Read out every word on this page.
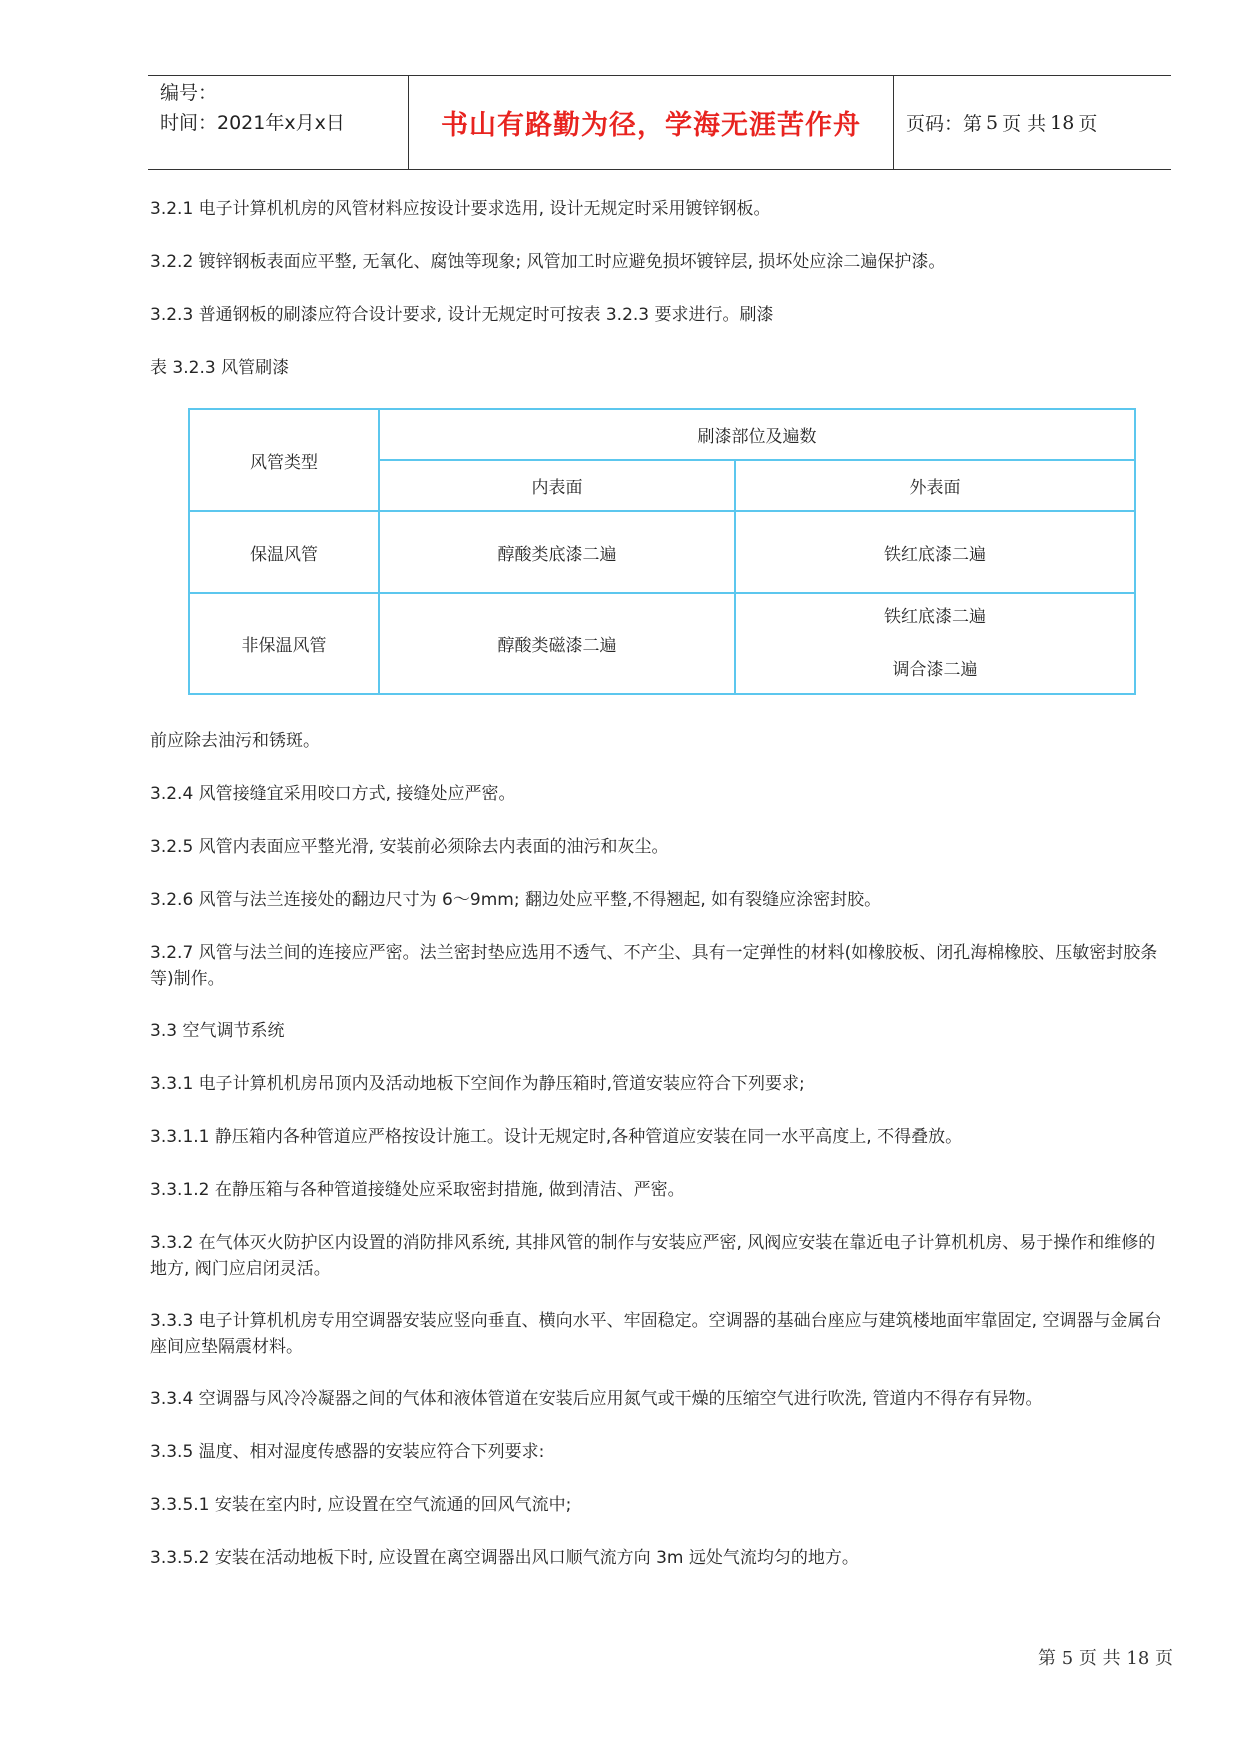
编号：
时间：2021年x月x日	书山有路勤为径，学海无涯苦作舟	页码：第 5 页 共 18 页
3.2.1 电子计算机机房的风管材料应按设计要求选用, 设计无规定时采用镀锌钢板。
3.2.2 镀锌钢板表面应平整, 无氧化、腐蚀等现象; 风管加工时应避免损坏镀锌层, 损坏处应涂二遍保护漆。
3.2.3 普通钢板的刷漆应符合设计要求, 设计无规定时可按表 3.2.3 要求进行。刷漆
表 3.2.3 风管刷漆
风管类型	刷漆部位及遍数	
	内表面	外表面
保温风管	醇酸类底漆二遍	铁红底漆二遍
非保温风管	醇酸类磁漆二遍	铁红底漆二遍
调合漆二遍
前应除去油污和锈斑。
3.2.4 风管接缝宜采用咬口方式, 接缝处应严密。
3.2.5 风管内表面应平整光滑, 安装前必须除去内表面的油污和灰尘。
3.2.6 风管与法兰连接处的翻边尺寸为 6～9mm; 翻边处应平整,不得翘起, 如有裂缝应涂密封胶。
3.2.7 风管与法兰间的连接应严密。法兰密封垫应选用不透气、不产尘、具有一定弹性的材料(如橡胶板、闭孔海棉橡胶、压敏密封胶条等)制作。
3.3 空气调节系统
3.3.1 电子计算机机房吊顶内及活动地板下空间作为静压箱时,管道安装应符合下列要求;
3.3.1.1 静压箱内各种管道应严格按设计施工。设计无规定时,各种管道应安装在同一水平高度上, 不得叠放。
3.3.1.2 在静压箱与各种管道接缝处应采取密封措施, 做到清洁、严密。
3.3.2 在气体灭火防护区内设置的消防排风系统, 其排风管的制作与安装应严密, 风阀应安装在靠近电子计算机机房、易于操作和维修的地方, 阀门应启闭灵活。
3.3.3 电子计算机机房专用空调器安装应竖向垂直、横向水平、牢固稳定。空调器的基础台座应与建筑楼地面牢靠固定, 空调器与金属台座间应垫隔震材料。
3.3.4 空调器与风冷冷凝器之间的气体和液体管道在安装后应用氮气或干燥的压缩空气进行吹洗, 管道内不得存有异物。
3.3.5 温度、相对湿度传感器的安装应符合下列要求:
3.3.5.1 安装在室内时, 应设置在空气流通的回风气流中;
3.3.5.2 安装在活动地板下时, 应设置在离空调器出风口顺气流方向 3m 远处气流均匀的地方。
第 5 页 共 18 页
